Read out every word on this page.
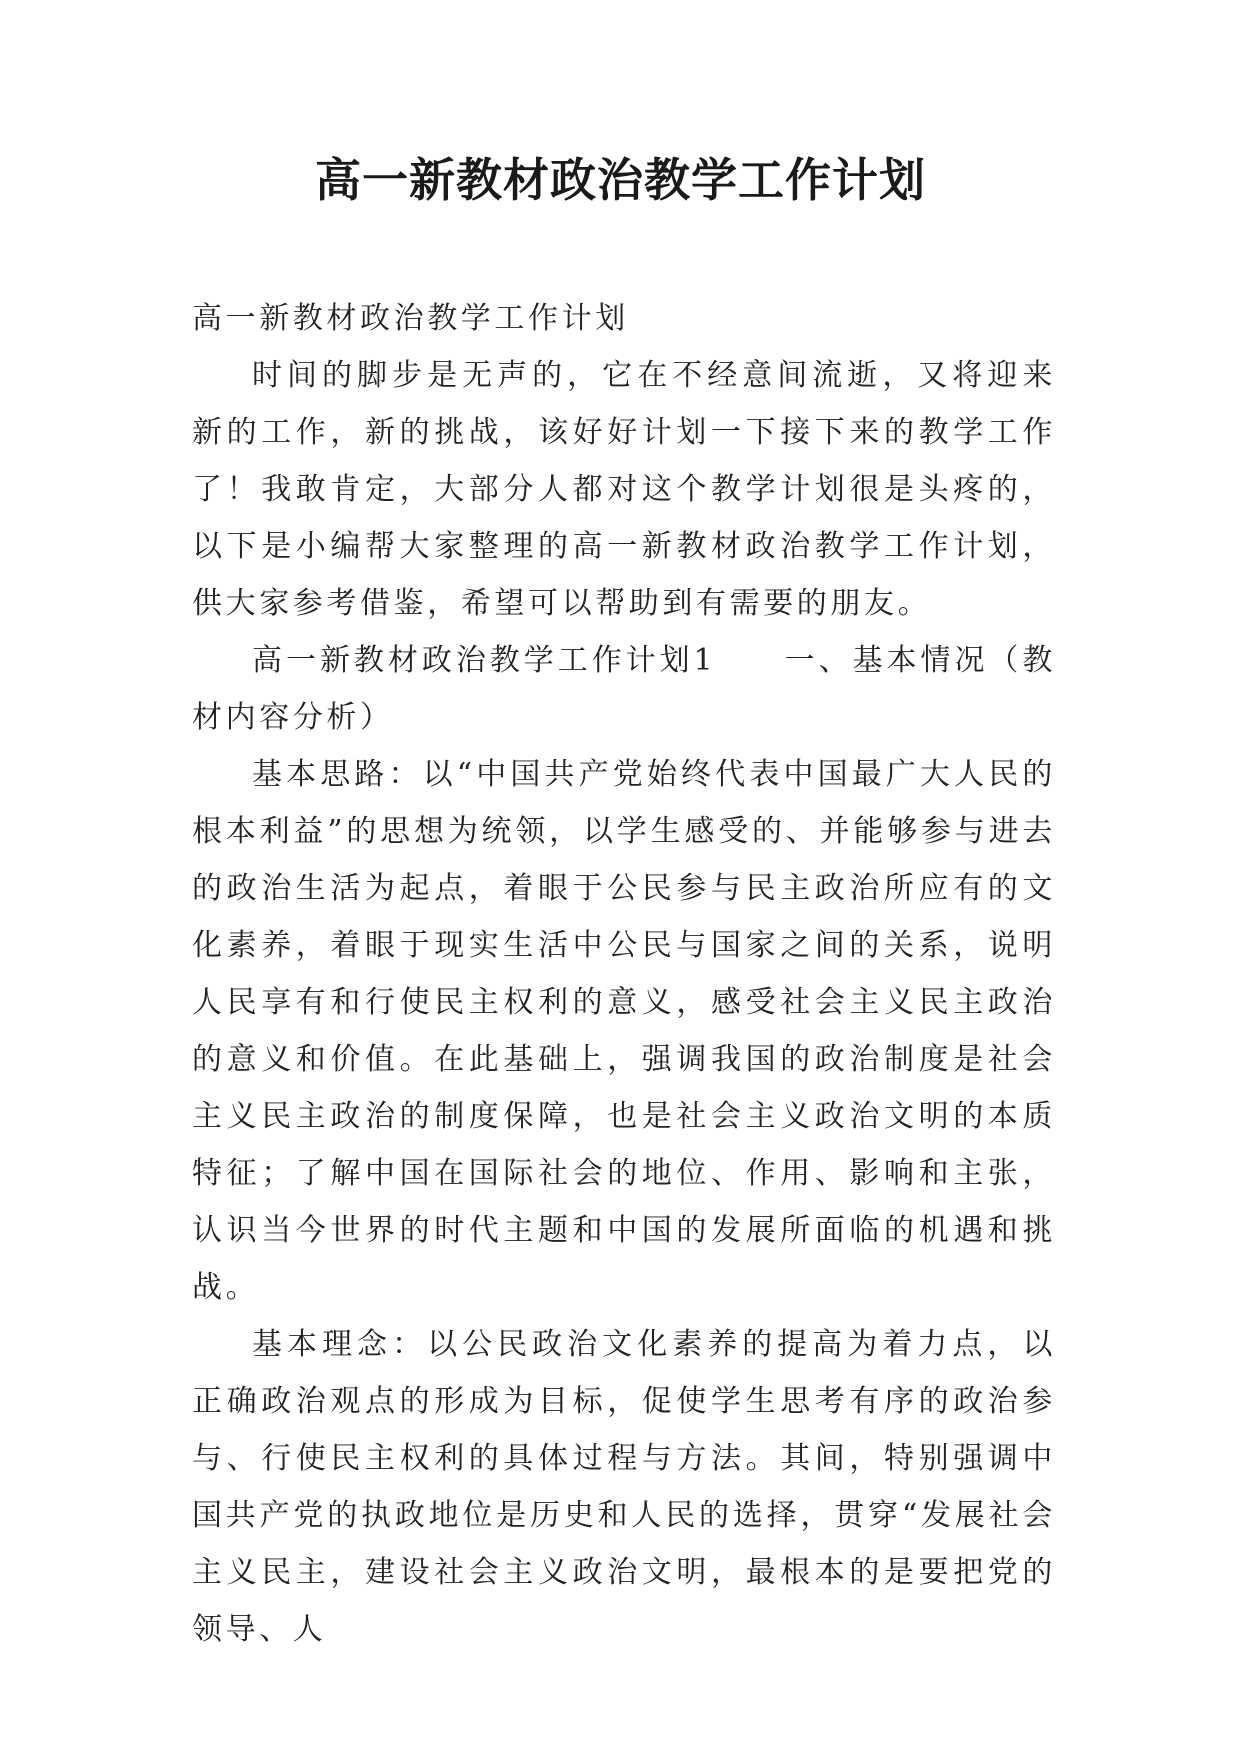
高一新教材政治教学工作计划

高一新教材政治教学工作计划

时间的脚步是无声的，它在不经意间流逝，又将迎来新的工作，新的挑战，该好好计划一下接下来的教学工作了！我敢肯定，大部分人都对这个教学计划很是头疼的，以下是小编帮大家整理的高一新教材政治教学工作计划，供大家参考借鉴，希望可以帮助到有需要的朋友。

高一新教材政治教学工作计划1　　一、基本情况（教材内容分析）

基本思路：以“中国共产党始终代表中国最广大人民的根本利益”的思想为统领，以学生感受的、并能够参与进去的政治生活为起点，着眼于公民参与民主政治所应有的文化素养，着眼于现实生活中公民与国家之间的关系，说明人民享有和行使民主权利的意义，感受社会主义民主政治的意义和价值。在此基础上，强调我国的政治制度是社会主义民主政治的制度保障，也是社会主义政治文明的本质特征；了解中国在国际社会的地位、作用、影响和主张，认识当今世界的时代主题和中国的发展所面临的机遇和挑战。

基本理念：以公民政治文化素养的提高为着力点，以正确政治观点的形成为目标，促使学生思考有序的政治参与、行使民主权利的具体过程与方法。其间，特别强调中国共产党的执政地位是历史和人民的选择，贯穿“发展社会主义民主，建设社会主义政治文明，最根本的是要把党的领导、人
